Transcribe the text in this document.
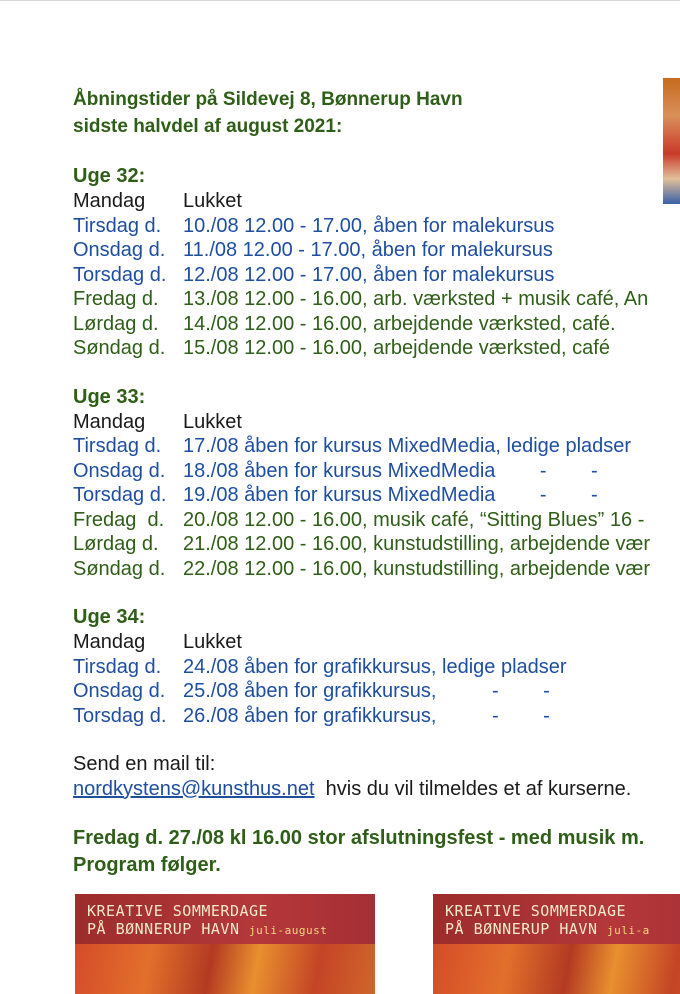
Åbningstider på Sildevej 8, Bønnerup Havn
sidste halvdel af august 2021:
Uge 32:
Mandag	Lukket
Tirsdag d.	10./08 12.00 - 17.00, åben for malekursus
Onsdag d. 11./08 12.00 - 17.00, åben for malekursus
Torsdag d. 12./08 12.00 - 17.00, åben for malekursus
Fredag d.	13./08 12.00 - 16.00, arb. værksted + musik café, An
Lørdag d.	14./08 12.00 - 16.00, arbejdende værksted, café.
Søndag d. 15./08 12.00 - 16.00, arbejdende værksted, café
Uge 33:
Mandag	Lukket
Tirsdag d.	17./08 åben for kursus MixedMedia, ledige pladser
Onsdag d. 18./08 åben for kursus MixedMedia        -        -
Torsdag d. 19./08 åben for kursus MixedMedia        -        -
Fredag  d. 20./08 12.00 - 16.00, musik café, “Sitting Blues” 16 -
Lørdag d.	21./08 12.00 - 16.00, kunstudstilling, arbejdende vær
Søndag d. 22./08 12.00 - 16.00, kunstudstilling, arbejdende vær
Uge 34:
Mandag	Lukket
Tirsdag d.	24./08 åben for grafikkursus, ledige pladser
Onsdag d. 25./08 åben for grafikkursus,          -        -
Torsdag d. 26./08 åben for grafikkursus,          -        -
Send en mail til:
nordkystens@kunsthus.net  hvis du vil tilmeldes et af kurserne.
Fredag d. 27./08 kl 16.00 stor afslutningsfest - med musik m.
Program følger.
KREATIVE SOMMERDAGE
PÅ BØNNERUP HAVN juli-august
KREATIVE SOMMERDAGE
PÅ BØNNERUP HAVN juli-a
